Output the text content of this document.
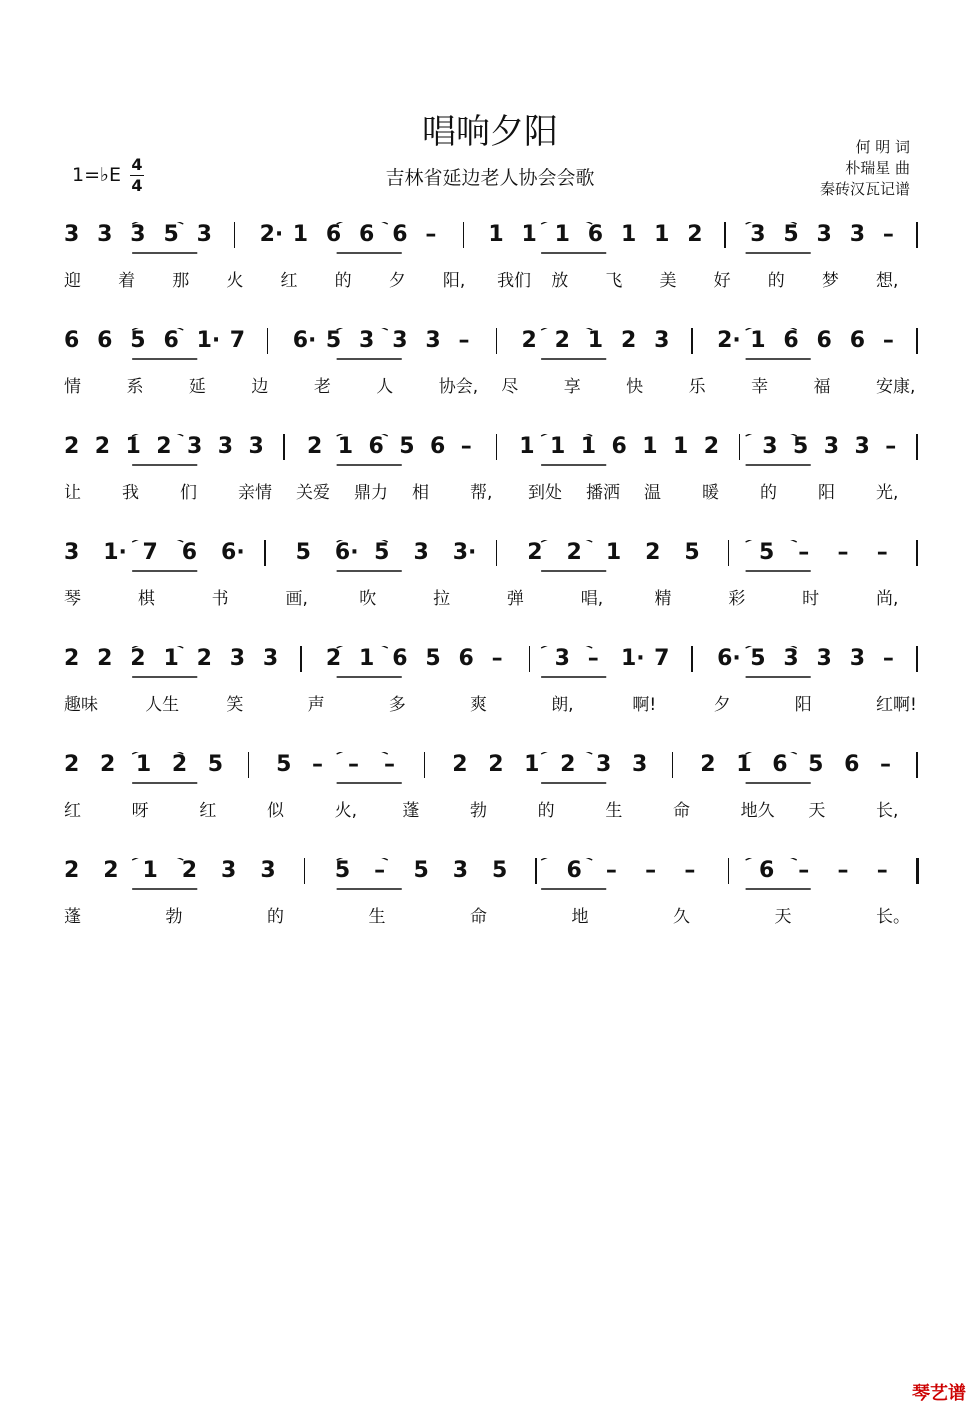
唱响夕阳
吉林省延边老人协会会歌
何 明 词
朴瑞星 曲
秦砖汉瓦记谱
1=♭E 4
4
3 3 3 5 3 2· 1 6 6 6 – 1 1 1 6 1 1 2 3 5 3 3 –
迎 着 那 火 红 的 夕 阳, 我们 放 飞 美 好 的 梦 想,
6 6 5 6 1· 7 6· 5 3 3 3 – 2 2 1 2 3 2· 1 6 6 6 –
情	系	延	边	老	人	协会, 尽	享	快	乐	幸	福	安康,
2 2 1 2 3 3 3 2 1 6 5 6 – 1 1 1 6 1 1 2 3 5 3 3 –
让 我 们 亲情 关爱 鼎力 相 帮, 到处 播洒 温 暖 的 阳 光,
3 1· 7 6 6· 5 6· 5 3 3· 2 2 1 2 5	5 – – –
琴	棋	书	画,	吹	拉	弹	唱,	精	彩	时	尚,
2 2 2 1 2 3 3 2 1 6 5 6 – 3 – 1· 7 6· 5 3 3 3 –
趣味	人生	笑	声	多	爽	朗,	啊!	夕	阳	红啊!
2 2 1 2 5 5 – – –	2 2 1 2 3 3 2 1 6 5 6 –
红	呀	红	似	火,	蓬	勃	的	生	命	地久 天	长,
2 2 1 2 3 3	5 – 5 3 5	6 – – –	6 – – –
蓬	勃	的	生	命	地	久	天	长。
琴艺谱
